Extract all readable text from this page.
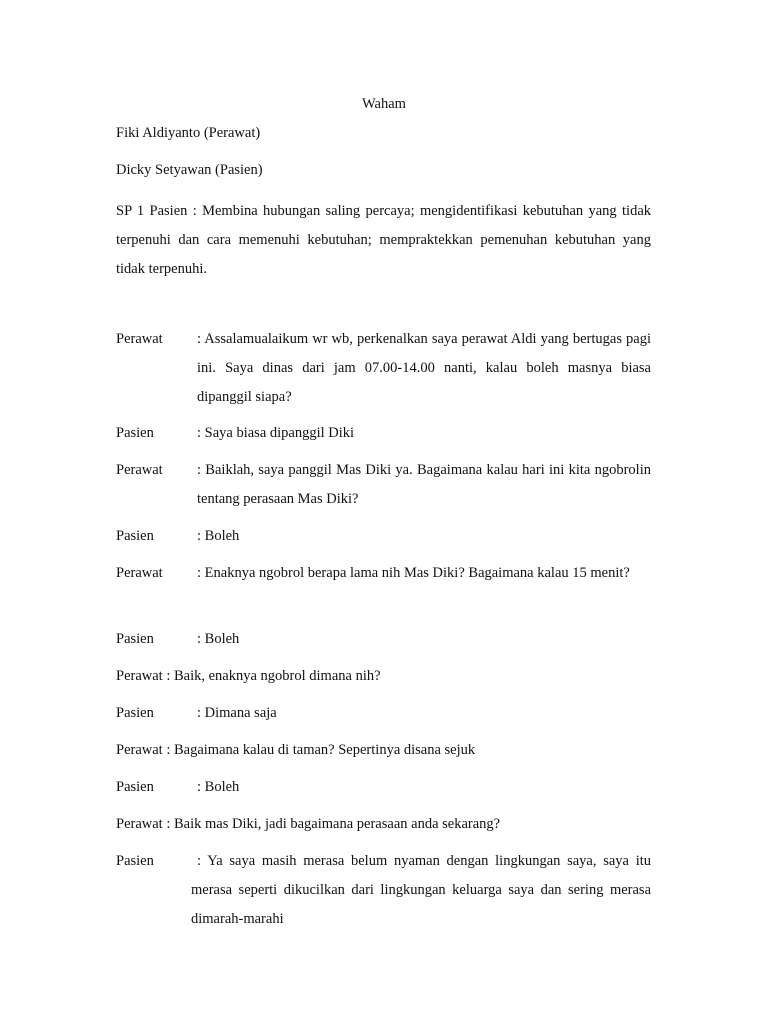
Waham
Fiki Aldiyanto (Perawat)
Dicky Setyawan (Pasien)
SP 1 Pasien : Membina hubungan saling percaya; mengidentifikasi kebutuhan yang tidak terpenuhi dan cara memenuhi kebutuhan; mempraktekkan pemenuhan kebutuhan yang tidak terpenuhi.
Perawat : Assalamualaikum wr wb, perkenalkan saya perawat Aldi yang bertugas pagi ini. Saya dinas dari jam 07.00-14.00 nanti, kalau boleh masnya biasa dipanggil siapa?
Pasien	: Saya biasa dipanggil Diki
Perawat : Baiklah, saya panggil Mas Diki ya. Bagaimana kalau hari ini kita ngobrolin tentang perasaan Mas Diki?
Pasien	: Boleh
Perawat : Enaknya ngobrol berapa lama nih Mas Diki? Bagaimana kalau 15 menit?
Pasien	: Boleh
Perawat : Baik, enaknya ngobrol dimana nih?
Pasien	: Dimana saja
Perawat : Bagaimana kalau di taman? Sepertinya disana sejuk
Pasien	: Boleh
Perawat : Baik mas Diki, jadi bagaimana perasaan anda sekarang?
Pasien	: Ya saya masih merasa belum nyaman dengan lingkungan saya, saya itu merasa seperti dikucilkan dari lingkungan keluarga saya dan sering merasa dimarah-marahi
